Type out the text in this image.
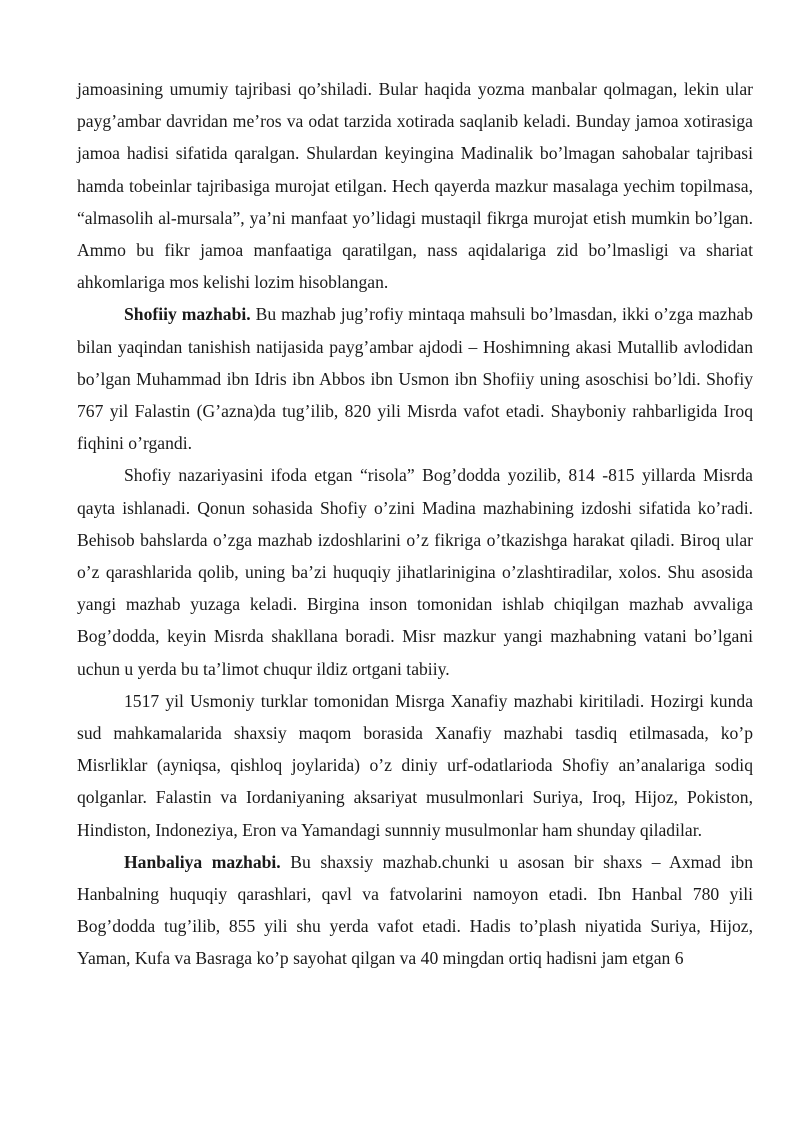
jamoasining umumiy tajribasi qo’shiladi. Bular haqida yozma manbalar qolmagan, lekin ular payg’ambar davridan me’ros va odat tarzida xotirada saqlanib keladi. Bunday jamoa xotirasiga jamoa hadisi sifatida qaralgan. Shulardan keyingina Madinalik bo’lmagan sahobalar tajribasi hamda tobeinlar tajribasiga murojat etilgan. Hech qayerda mazkur masalaga yechim topilmasa, “almasolih al-mursala”, ya’ni manfaat yo’lidagi mustaqil fikrga murojat etish mumkin bo’lgan. Ammo bu fikr jamoa manfaatiga qaratilgan, nass aqidalariga zid bo’lmasligi va shariat ahkomlariga mos kelishi lozim hisoblangan.

Shofiiy mazhabi. Bu mazhab jug’rofiy mintaqa mahsuli bo’lmasdan, ikki o’zga mazhab bilan yaqindan tanishish natijasida payg’ambar ajdodi – Hoshimning akasi Mutallib avlodidan bo’lgan Muhammad ibn Idris ibn Abbos ibn Usmon ibn Shofiiy uning asoschisi bo’ldi. Shofiy 767 yil Falastin (G’azna)da tug’ilib, 820 yili Misrda vafot etadi. Shayboniy rahbarligida Iroq fiqhini o’rgandi.

Shofiy nazariyasini ifoda etgan “risola” Bog’dodda yozilib, 814 -815 yillarda Misrda qayta ishlanadi. Qonun sohasida Shofiy o’zini Madina mazhabining izdoshi sifatida ko’radi. Behisob bahslarda o’zga mazhab izdoshlarini o’z fikriga o’tkazishga harakat qiladi. Biroq ular o’z qarashlarida qolib, uning ba’zi huquqiy jihatlarinigina o’zlashtiradilar, xolos. Shu asosida yangi mazhab yuzaga keladi. Birgina inson tomonidan ishlab chiqilgan mazhab avvaliga Bog’dodda, keyin Misrda shakllana boradi. Misr mazkur yangi mazhabning vatani bo’lgani uchun u yerda bu ta’limot chuqur ildiz ortgani tabiiy.

1517 yil Usmoniy turklar tomonidan Misrga Xanafiy mazhabi kiritiladi. Hozirgi kunda sud mahkamalarida shaxsiy maqom borasida Xanafiy mazhabi tasdiq etilmasada, ko’p Misrliklar (ayniqsa, qishloq joylarida) o’z diniy urf-odatlarioda Shofiy an’analariga sodiq qolganlar. Falastin va Iordaniyaning aksariyat musulmonlari Suriya, Iroq, Hijoz, Pokiston, Hindiston, Indoneziya, Eron va Yamandagi sunnniy musulmonlar ham shunday qiladilar.

Hanbaliya mazhabi. Bu shaxsiy mazhab.chunki u asosan bir shaxs – Axmad ibn Hanbalning huquqiy qarashlari, qavl va fatvolarini namoyon etadi. Ibn Hanbal 780 yili Bog’dodda tug’ilib, 855 yili shu yerda vafot etadi. Hadis to’plash niyatida Suriya, Hijoz, Yaman, Kufa va Basraga ko’p sayohat qilgan va 40 mingdan ortiq hadisni jam etgan 6
